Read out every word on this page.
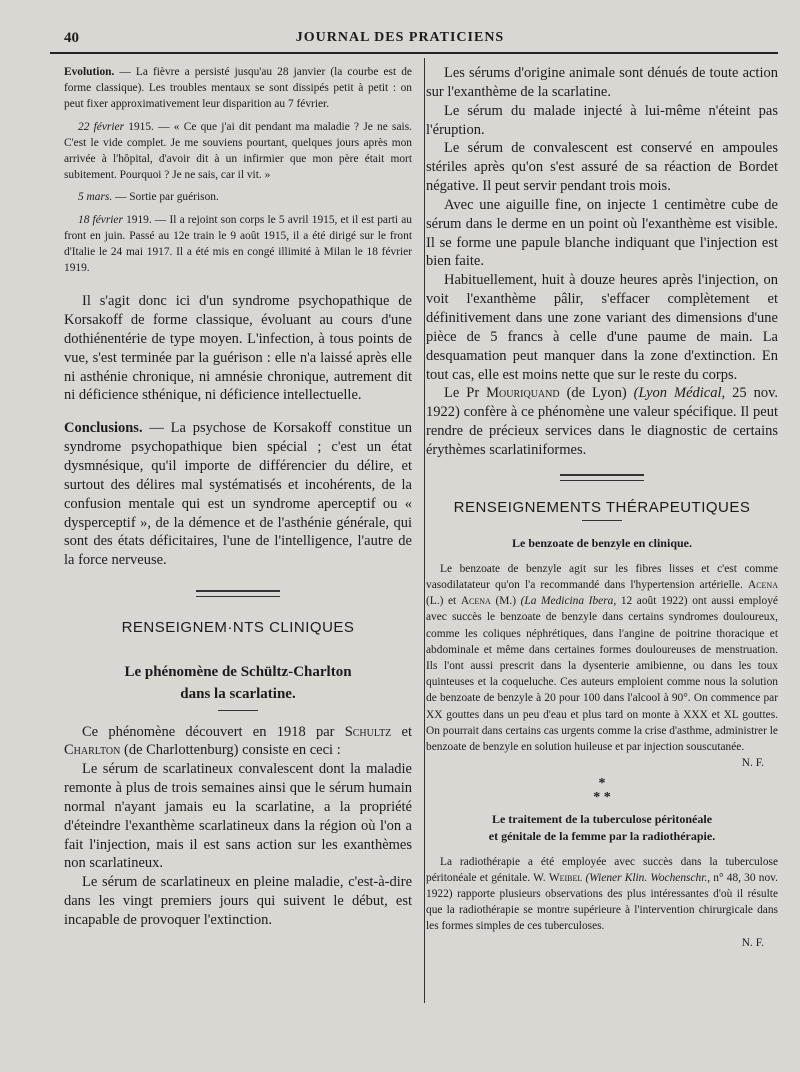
40	JOURNAL DES PRATICIENS

Evolution. — La fièvre a persisté jusqu'au 28 janvier (la courbe est de forme classique). Les troubles mentaux se sont dissipés petit à petit : on peut fixer approximativement leur disparition au 7 février.

22 février 1915. — « Ce que j'ai dit pendant ma maladie ? Je ne sais. C'est le vide complet. Je me souviens pourtant, quelques jours après mon arrivée à l'hôpital, d'avoir dit à un infirmier que mon père était mort subitement. Pourquoi ? Je ne sais, car il vit. »

5 mars. — Sortie par guérison.

18 février 1919. — Il a rejoint son corps le 5 avril 1915, et il est parti au front en juin. Passé au 12e train le 9 août 1915, il a été dirigé sur le front d'Italie le 24 mai 1917. Il a été mis en congé illimité à Milan le 18 février 1919.

Il s'agit donc ici d'un syndrome psychopathique de Korsakoff de forme classique, évoluant au cours d'une dothiénentérie de type moyen. L'infection, à tous points de vue, s'est terminée par la guérison : elle n'a laissé après elle ni asthénie chronique, ni amnésie chronique, autrement dit ni déficience sthénique, ni déficience intellectuelle.

Conclusions. — La psychose de Korsakoff constitue un syndrome psychopathique bien spécial ; c'est un état dysmnésique, qu'il importe de différencier du délire, et surtout des délires mal systématisés et incohérents, de la confusion mentale qui est un syndrome aperceptif ou « dysperceptif », de la démence et de l'asthénie générale, qui sont des états déficitaires, l'une de l'intelligence, l'autre de la force nerveuse.

RENSEIGNEM·NTS CLINIQUES
Le phénomène de Schültz-Charlton
dans la scarlatine.

Ce phénomène découvert en 1918 par Schultz et Charlton (de Charlottenburg) consiste en ceci :

Le sérum de scarlatineux convalescent dont la maladie remonte à plus de trois semaines ainsi que le sérum humain normal n'ayant jamais eu la scarlatine, a la propriété d'éteindre l'exanthème scarlatineux dans la région où l'on a fait l'injection, mais il est sans action sur les exanthèmes non scarlatineux.

Le sérum de scarlatineux en pleine maladie, c'est-à-dire dans les vingt premiers jours qui suivent le début, est incapable de provoquer l'extinction.

Les sérums d'origine animale sont dénués de toute action sur l'exanthème de la scarlatine.

Le sérum du malade injecté à lui-même n'éteint pas l'éruption.

Le sérum de convalescent est conservé en ampoules stériles après qu'on s'est assuré de sa réaction de Bordet négative. Il peut servir pendant trois mois.

Avec une aiguille fine, on injecte 1 centimètre cube de sérum dans le derme en un point où l'exanthème est visible. Il se forme une papule blanche indiquant que l'injection est bien faite.

Habituellement, huit à douze heures après l'injection, on voit l'exanthème pâlir, s'effacer complètement et définitivement dans une zone variant des dimensions d'une pièce de 5 francs à celle d'une paume de main. La desquamation peut manquer dans la zone d'extinction. En tout cas, elle est moins nette que sur le reste du corps.

Le Pr Mouriquand (de Lyon) (Lyon Médical, 25 nov. 1922) confère à ce phénomène une valeur spécifique. Il peut rendre de précieux services dans le diagnostic de certains érythèmes scarlatiniformes.

RENSEIGNEMENTS THÉRAPEUTIQUES
Le benzoate de benzyle en clinique.

Le benzoate de benzyle agit sur les fibres lisses et c'est comme vasodilatateur qu'on l'a recommandé dans l'hypertension artérielle. Acena (L.) et Acena (M.) (La Medicina Ibera, 12 août 1922) ont aussi employé avec succès le benzoate de benzyle dans certains syndromes douloureux, comme les coliques néphrétiques, dans l'angine de poitrine thoracique et abdominale et même dans certaines formes douloureuses de menstruation. Ils l'ont aussi prescrit dans la dysenterie amibienne, ou dans les toux quinteuses et la coqueluche. Ces auteurs emploient comme nous la solution de benzoate de benzyle à 20 pour 100 dans l'alcool à 90°. On commence par XX gouttes dans un peu d'eau et plus tard on monte à XXX et XL gouttes. On pourrait dans certains cas urgents comme la crise d'asthme, administrer le benzoate de benzyle en solution huileuse et par injection souscutanée.

N. F.
*
* *
Le traitement de la tuberculose péritonéale
et génitale de la femme par la radiothérapie.

La radiothérapie a été employée avec succès dans la tuberculose péritonéale et génitale. W. Weibel (Wiener Klin. Wochenschr., n° 48, 30 nov. 1922) rapporte plusieurs observations des plus intéressantes d'où il résulte que la radiothérapie se montre supérieure à l'intervention chirurgicale dans les formes simples de ces tuberculoses.

N. F.
